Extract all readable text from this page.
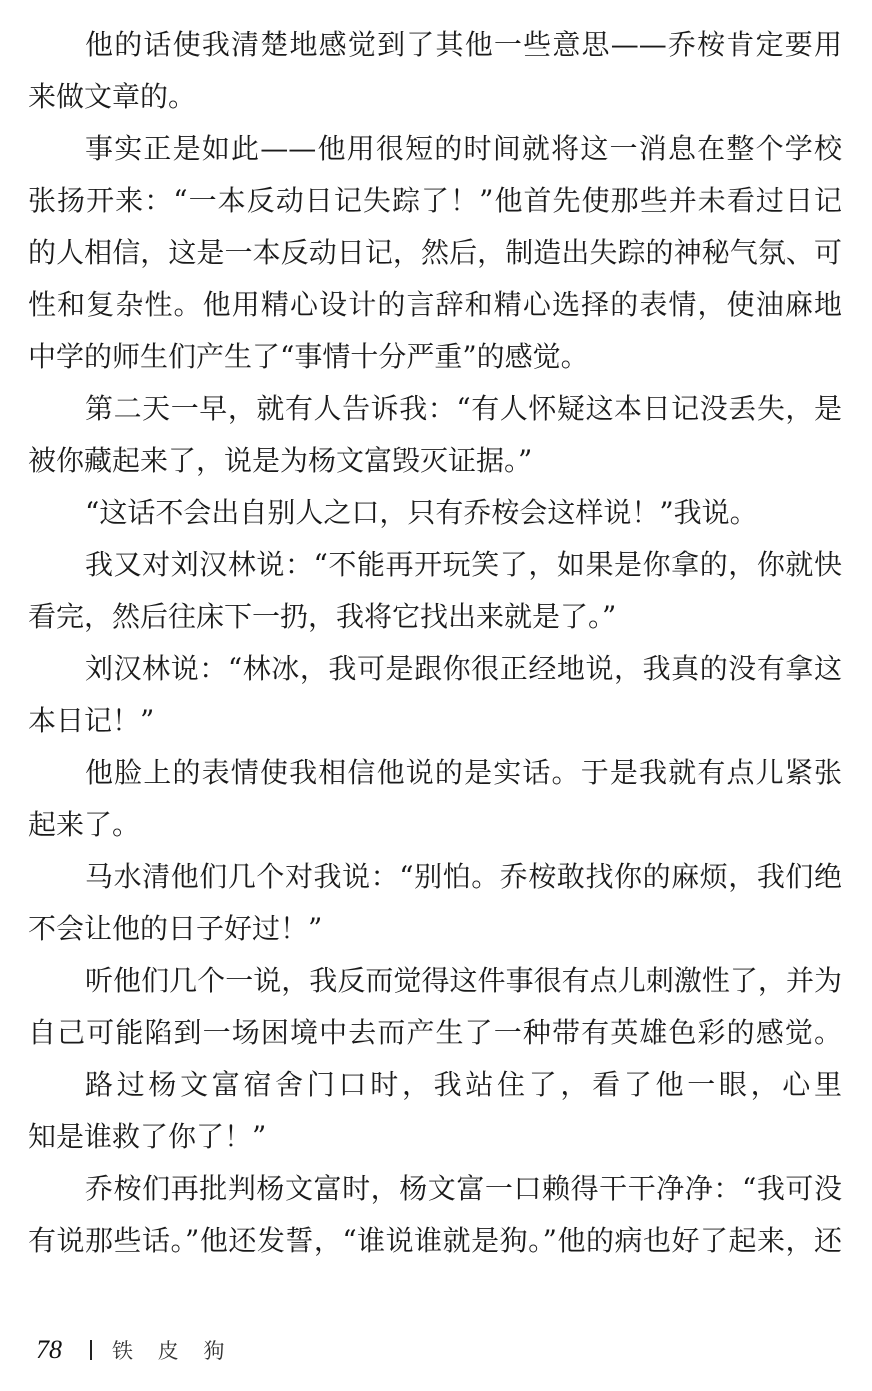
他的话使我清楚地感觉到了其他一些意思——乔桉肯定要用
来做文章的。
事实正是如此——他用很短的时间就将这一消息在整个学校
张扬开来：“一本反动日记失踪了！”他首先使那些并未看过日记
的人相信，这是一本反动日记，然后，制造出失踪的神秘气氛、可
性和复杂性。他用精心设计的言辞和精心选择的表情，使油麻地
中学的师生们产生了“事情十分严重”的感觉。
第二天一早，就有人告诉我：“有人怀疑这本日记没丢失，是
被你藏起来了，说是为杨文富毁灭证据。”
“这话不会出自别人之口，只有乔桉会这样说！”我说。
我又对刘汉林说：“不能再开玩笑了，如果是你拿的，你就快
看完，然后往床下一扔，我将它找出来就是了。”
刘汉林说：“林冰，我可是跟你很正经地说，我真的没有拿这
本日记！”
他脸上的表情使我相信他说的是实话。于是我就有点儿紧张
起来了。
马水清他们几个对我说：“别怕。乔桉敢找你的麻烦，我们绝
不会让他的日子好过！”
听他们几个一说，我反而觉得这件事很有点儿刺激性了，并为
自己可能陷到一场困境中去而产生了一种带有英雄色彩的感觉。
路过杨文富宿舍门口时，我站住了，看了他一眼，心里
知是谁救了你了！”
乔桉们再批判杨文富时，杨文富一口赖得干干净净：“我可没
有说那些话。”他还发誓，“谁说谁就是狗。”他的病也好了起来，还
78 铁 皮 狗
